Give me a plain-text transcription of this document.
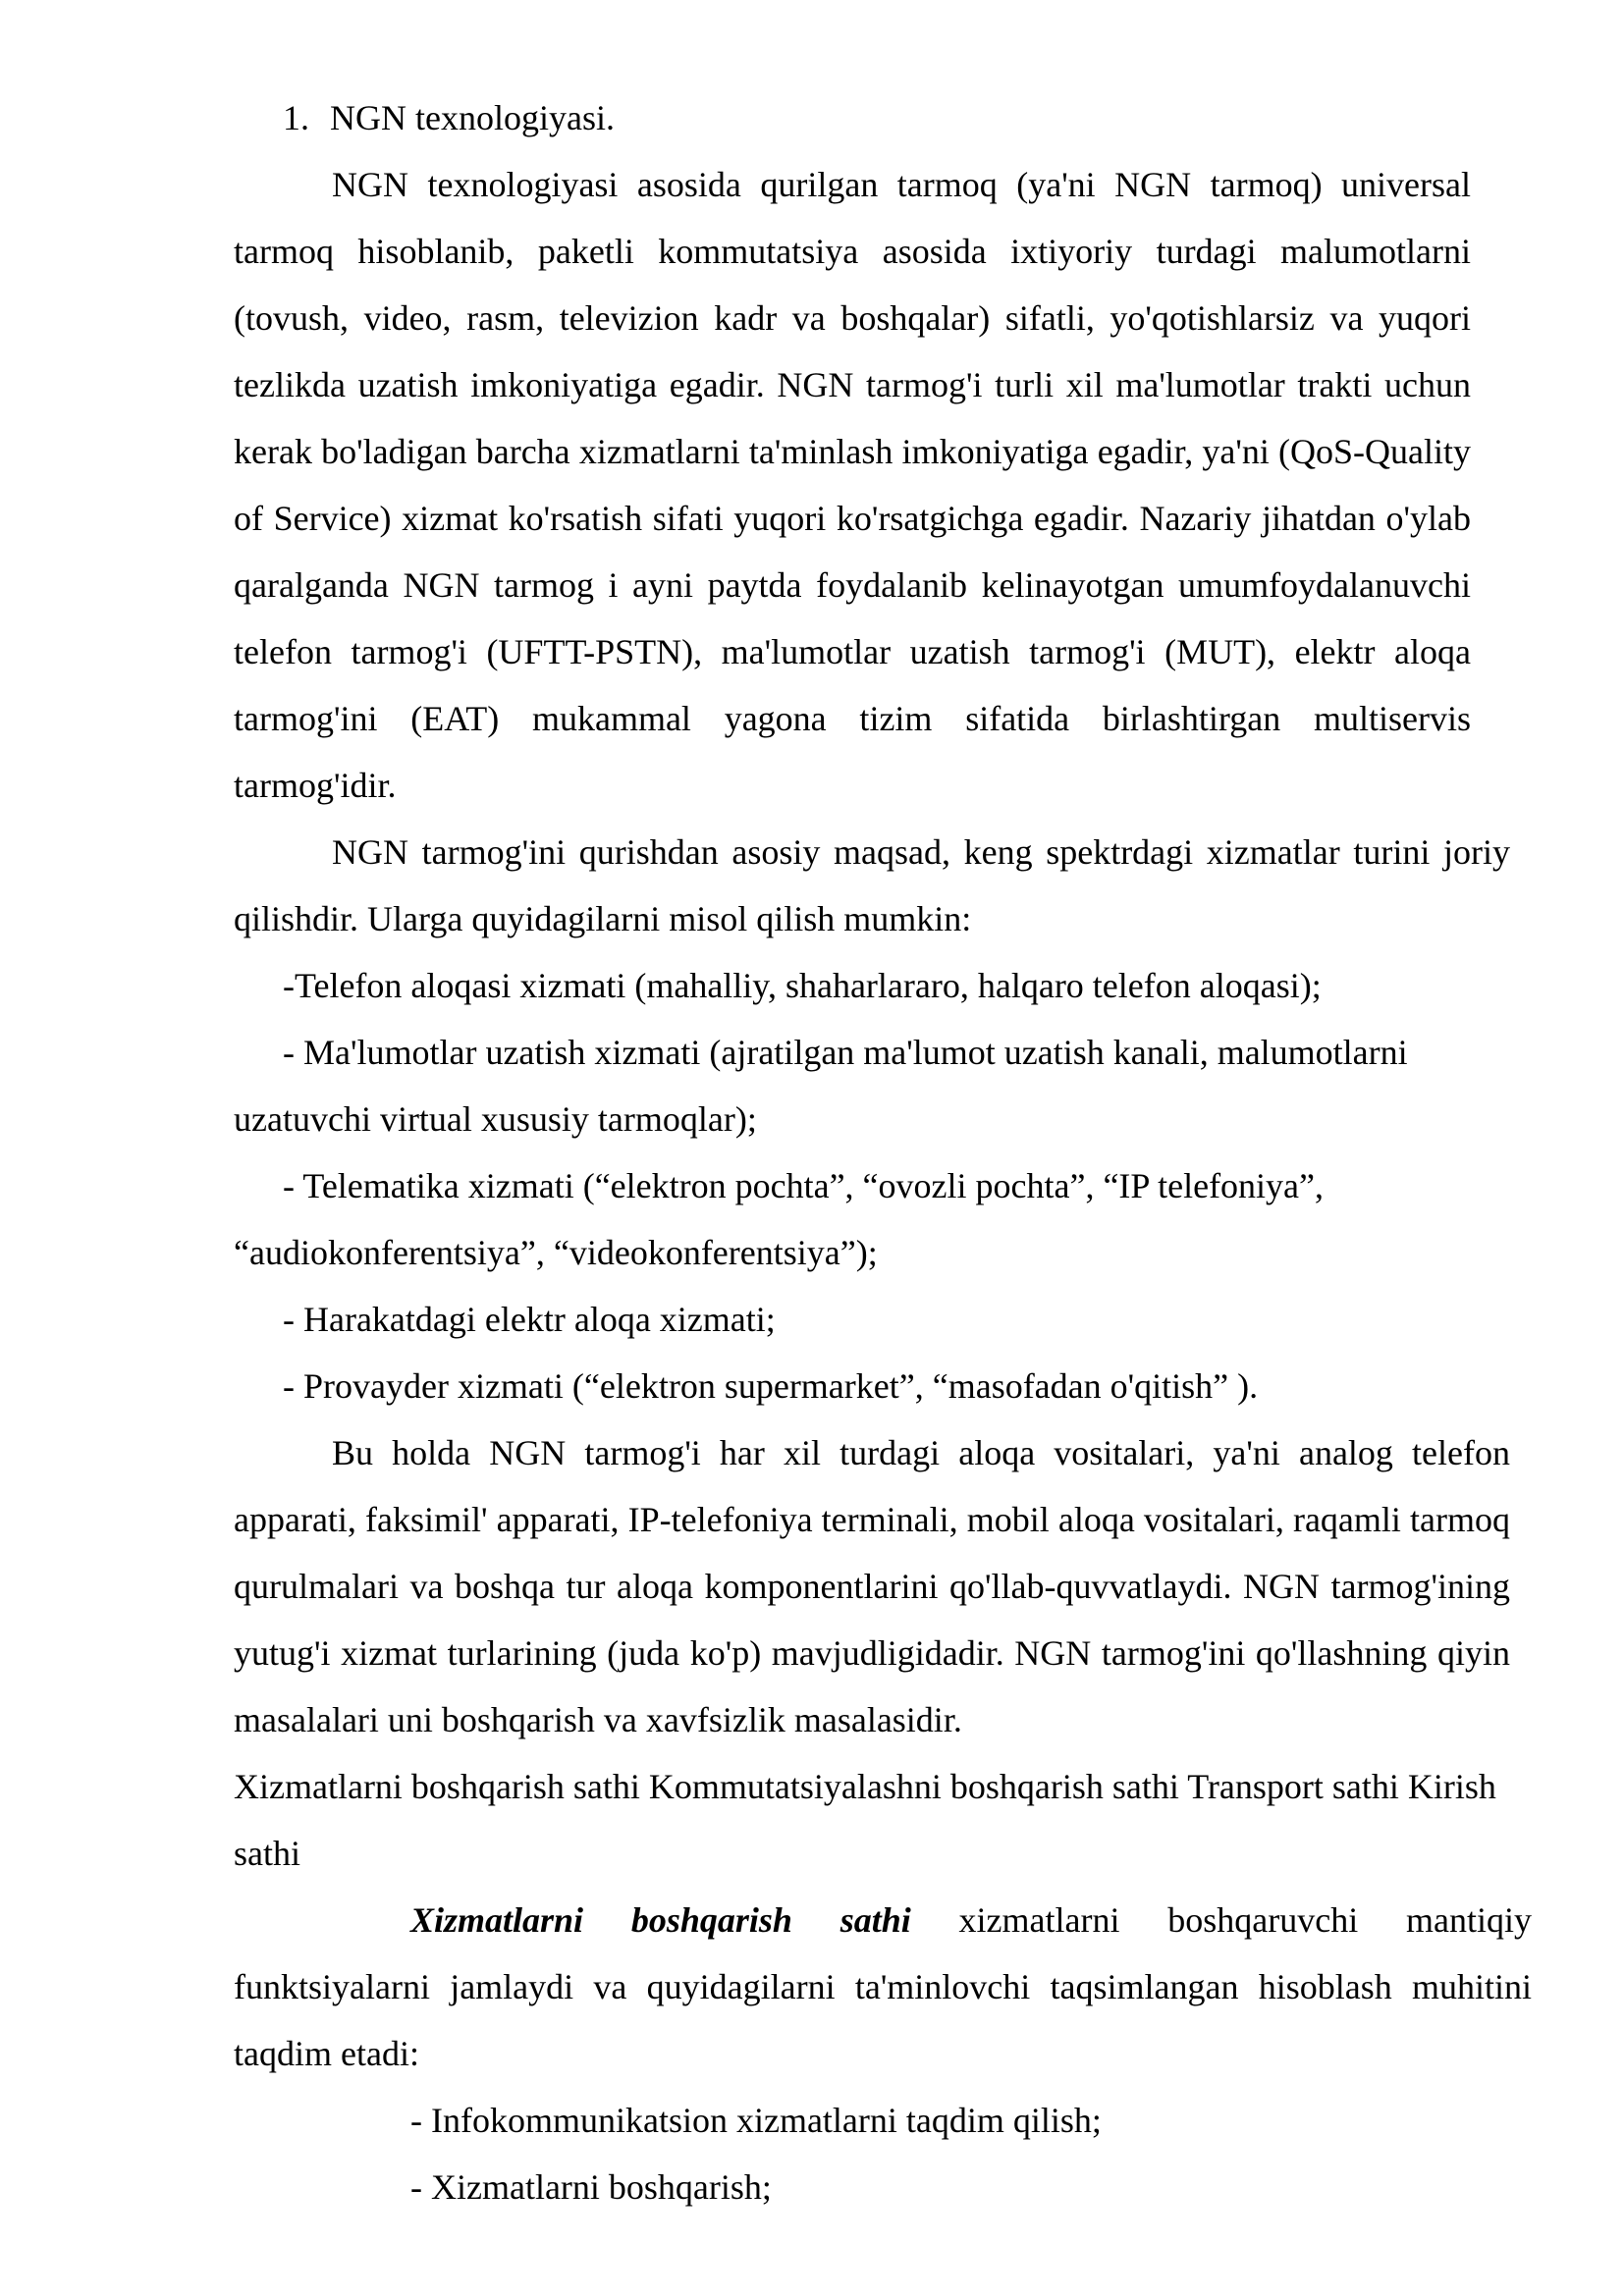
1. NGN texnologiyasi.

NGN texnologiyasi asosida qurilgan tarmoq (ya'ni NGN tarmoq) universal tarmoq hisoblanib, paketli kommutatsiya asosida ixtiyoriy turdagi malumotlarni (tovush, video, rasm, televizion kadr va boshqalar) sifatli, yo'qotishlarsiz va yuqori tezlikda uzatish imkoniyatiga egadir. NGN tarmog'i turli xil ma'lumotlar trakti uchun kerak bo'ladigan barcha xizmatlarni ta'minlash imkoniyatiga egadir, ya'ni (QoS-Quality of Service) xizmat ko'rsatish sifati yuqori ko'rsatgichga egadir. Nazariy jihatdan o'ylab qaralganda NGN tarmog i ayni paytda foydalanib kelinayotgan umumfoydalanuvchi telefon tarmog'i (UFTT-PSTN), ma'lumotlar uzatish tarmog'i (MUT), elektr aloqa tarmog'ini (EAT) mukammal yagona tizim sifatida birlashtirgan multiservis tarmog'idir.

NGN tarmog'ini qurishdan asosiy maqsad, keng spektrdagi xizmatlar turini joriy qilishdir. Ularga quyidagilarni misol qilish mumkin:

-Telefon aloqasi xizmati (mahalliy, shaharlararo, halqaro telefon aloqasi);

- Ma'lumotlar uzatish xizmati (ajratilgan ma'lumot uzatish kanali, malumotlarni uzatuvchi virtual xususiy tarmoqlar);

- Telematika xizmati (“elektron pochta”, “ovozli pochta”, “IP telefoniya”, “audiokonferentsiya”, “videokonferentsiya”);

- Harakatdagi elektr aloqa xizmati;

- Provayder xizmati (“elektron supermarket”, “masofadan o'qitish” ).

Bu holda NGN tarmog'i har xil turdagi aloqa vositalari, ya'ni analog telefon apparati, faksimil' apparati, IP-telefoniya terminali, mobil aloqa vositalari, raqamli tarmoq qurulmalari va boshqa tur aloqa komponentlarini qo'llab-quvvatlaydi. NGN tarmog'ining yutug'i xizmat turlarining (juda ko'p) mavjudligidadir. NGN tarmog'ini qo'llashning qiyin masalalari uni boshqarish va xavfsizlik masalasidir.

Xizmatlarni boshqarish sathi Kommutatsiyalashni boshqarish sathi Transport sathi Kirish sathi

Xizmatlarni boshqarish sathi xizmatlarni boshqaruvchi mantiqiy funktsiyalarni jamlaydi va quyidagilarni ta'minlovchi taqsimlangan hisoblash muhitini taqdim etadi:

- Infokommunikatsion xizmatlarni taqdim qilish;

- Xizmatlarni boshqarish;
